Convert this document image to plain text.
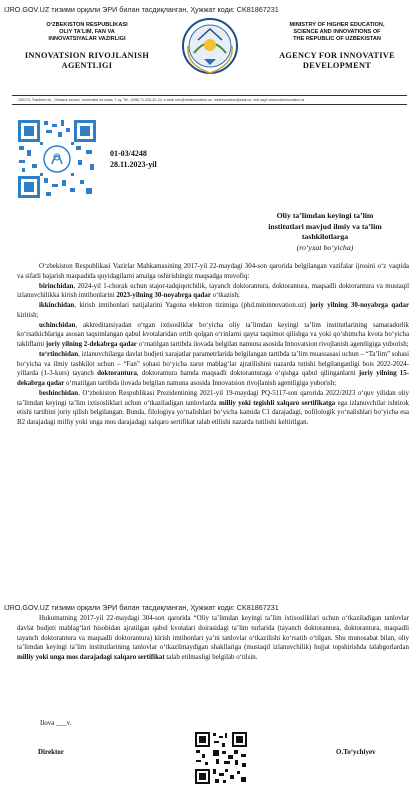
IJRO.GOV.UZ тизими орқали ЭРИ билан тасдиқланган, Ҳужжат коди: CK81867231
O‘ZBEKISTON RESPUBLIKASI
OLIY TA’LIM, FAN VA
INNOVATSIYALAR VAZIRLIGI
INNOVATSION RIVOJLANISH
AGENTLIGI
MINISTRY OF HIGHER EDUCATION,
SCIENCE AND INNOVATIONS OF
THE REPUBLIC OF UZBEKISTAN
AGENCY FOR INNOVATIVE
DEVELOPMENT
100174, Toshkent sh., Olmazor tumani, Universitet ko‘chasi, 7-uy. Tel.: (998) 71-203-32-22, e-mail: info@mininnovation.uz, mininnovation@exat.uz, veb-sayt: www.mininnovation.uz
01-03/4248
28.11.2023-yil
Oliy ta’limdan keyingi ta’lim
institutlari mavjud ilmiy va ta’lim
tashkilotlarga
(ro‘yxat bo‘yicha)

O‘zbekiston Respublikasi Vazirlar Mahkamasining 2017-yil 22-maydagi 304-son qarorida belgilangan vazifalar ijrosini o‘z vaqtida va sifatli bajarish maqsadida quyidagilarni amalga oshirishingiz maqsadga muvofiq:

birinchidan, 2024-yil 1-chorak uchun stajor-tadqiqotchilik, tayanch doktorantura, doktorantura, maqsadli doktorantura va mustaqil izlanuvchilikka kirish imtihonlarini 2023-yilning 30-noyabrga qadar o‘tkazish;

ikkinchidan, kirish imtihonlari natijalarini Yagona elektron tizimiga (phd.mininnovation.uz) joriy yilning 30-noyabrga qadar kiritish;

uchinchidan, akkreditatsiyadan o‘tgan ixtisosliklar bo‘yicha oliy ta’limdan keyingi ta’lim institutlarining samaradorlik ko‘rsatkichlariga asosan taqsimlangan qabul kvotalaridan ortib qolgan o‘rinlarni qayta taqsimot qilishga va yoki qo‘shimcha kvota bo‘yicha takliflarni joriy yilning 2-dekabrga qadar o‘rnatilgan tartibda ilovada belgilan namuna asosida Innovatsion rivojlanish agentligiga yuborish;

to‘rtinchidan, izlanuvchilarga davlat budjeti xarajatlar parametrlarida belgilangan tartibda ta’lim muassasasi uchun – “Ta’lim” sohasi bo‘yicha va ilmiy tashkilot uchun – “Fan” sohasi bo‘yicha zarur mablag‘lar ajratilishini nazarda tutishi belgilanganligi bois 2022-2024-yillarda (1-3-kurs) tayanch doktorantura, doktorantura hamda maqsadli doktoranturaga o‘qishga qabul qilinganlarni joriy yilning 15-dekabrga qadar o‘rnatilgan tartibda ilovada belgilan namuna asosida Innovatsion rivojlanish agentligiga yuborish;

beshinchidan, O‘zbekiston Respublikasi Prezidentining 2021-yil 19-maydagi PQ-5117-son qarorida 2022/2023 o‘quv yilidan oliy ta’limdan keyingi ta’lim ixtisosliklari uchun o‘tkaziladigan tanlovlarda milliy yoki tegishli xalqaro sertifikatga ega izlanuvchilar ishtirok etishi tartibini joriy qilish belgilangan. Bunda, filologiya yo‘nalishlari bo‘yicha kamida C1 darajadagi, nofilologik yo‘nalishlari bo‘yicha esa B2 darajadagi milliy yoki unga mos darajadagi xalqaro sertifikat talab etilishi nazarda tutilishi keltirilgan.

IJRO.GOV.UZ тизими орқали ЭРИ билан тасдиқланган, Ҳужжат коди: CK81867231

Hukumatning 2017-yil 22-maydagi 304-son qarorida “Oliy ta’limdan keyingi ta’lim ixtisosliklari uchun o‘tkaziladigan tanlovlar davlat budjeti mablag‘lari hisobidan ajratilgan qabul kvotalari doirasidagi ta’lim turlarida (tayanch doktorantura, doktorantura, maqsadli tayanch doktorantura va maqsadli doktorantura) kirish imtihonlari ya’ni tanlovlar o‘tkazilishi ko‘rsatib o‘tilgan. Shu munosabat bilan, oliy ta’limdan keyingi ta’lim institutlarining tanlovlar o‘tkazilmaydigan shakllariga (mustaqil izlanuvchilik) hujjat topshirishda talabgorlardan milliy yoki unga mos darajadagi xalqaro sertifikat talab etilmasligi belgilab o‘tilsin.

Ilova ___v.
Direktor	O.To‘ychiyev
